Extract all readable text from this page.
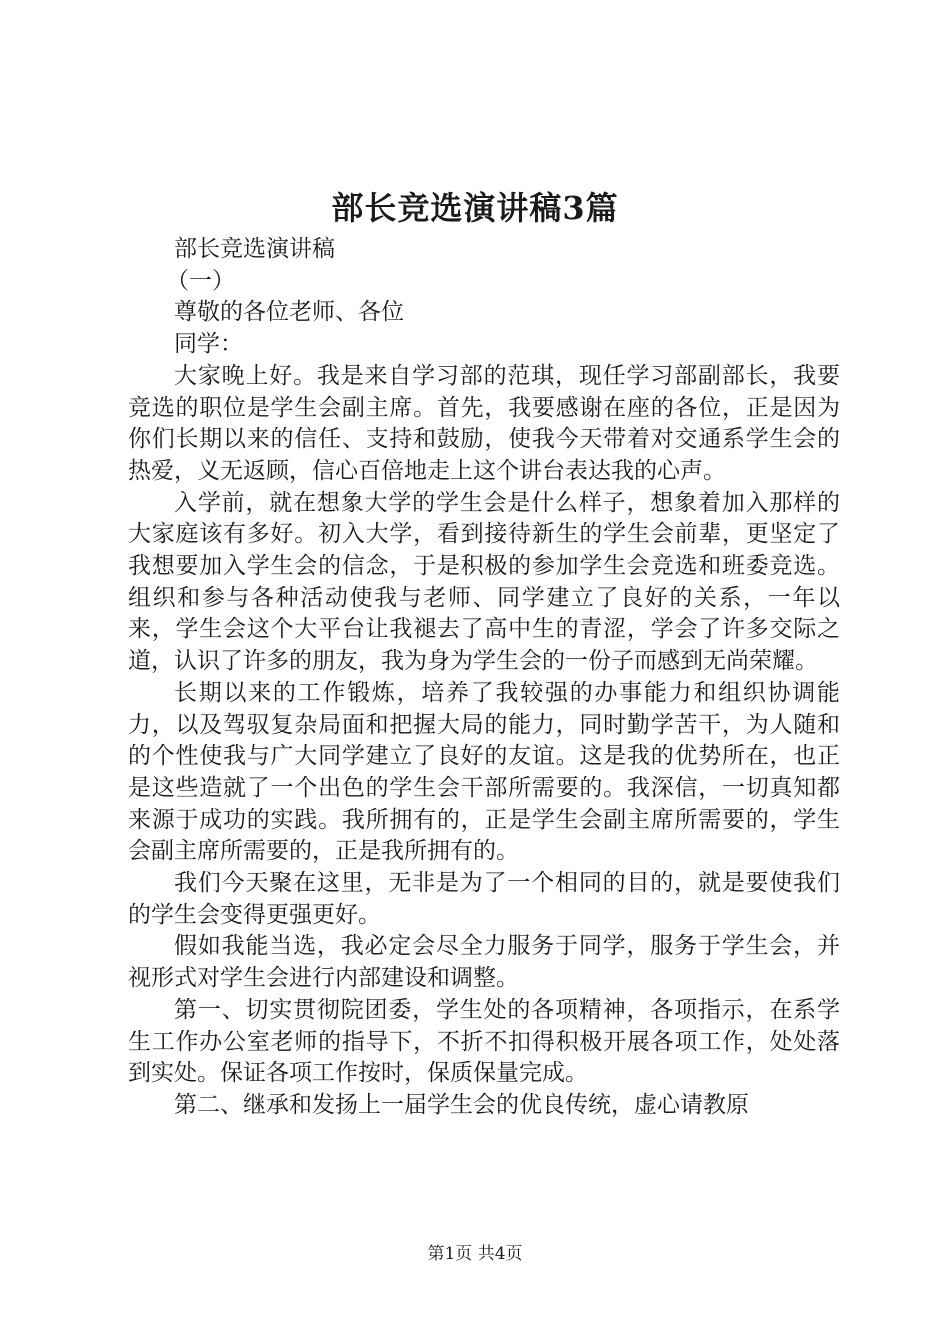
部长竞选演讲稿3篇

部长竞选演讲稿

（一）

尊敬的各位老师、各位

同学：

大家晚上好。我是来自学习部的范琪，现任学习部副部长，我要竞选的职位是学生会副主席。首先，我要感谢在座的各位，正是因为你们长期以来的信任、支持和鼓励，使我今天带着对交通系学生会的热爱，义无返顾，信心百倍地走上这个讲台表达我的心声。

入学前，就在想象大学的学生会是什么样子，想象着加入那样的大家庭该有多好。初入大学，看到接待新生的学生会前辈，更坚定了我想要加入学生会的信念，于是积极的参加学生会竞选和班委竞选。组织和参与各种活动使我与老师、同学建立了良好的关系，一年以来，学生会这个大平台让我褪去了高中生的青涩，学会了许多交际之道，认识了许多的朋友，我为身为学生会的一份子而感到无尚荣耀。

长期以来的工作锻炼，培养了我较强的办事能力和组织协调能力，以及驾驭复杂局面和把握大局的能力，同时勤学苦干，为人随和的个性使我与广大同学建立了良好的友谊。这是我的优势所在，也正是这些造就了一个出色的学生会干部所需要的。我深信，一切真知都来源于成功的实践。我所拥有的，正是学生会副主席所需要的，学生会副主席所需要的，正是我所拥有的。

我们今天聚在这里，无非是为了一个相同的目的，就是要使我们的学生会变得更强更好。

假如我能当选，我必定会尽全力服务于同学，服务于学生会，并视形式对学生会进行内部建设和调整。

第一、切实贯彻院团委，学生处的各项精神，各项指示，在系学生工作办公室老师的指导下，不折不扣得积极开展各项工作，处处落到实处。保证各项工作按时，保质保量完成。

第二、继承和发扬上一届学生会的优良传统，虚心请教原

第1页 共4页
